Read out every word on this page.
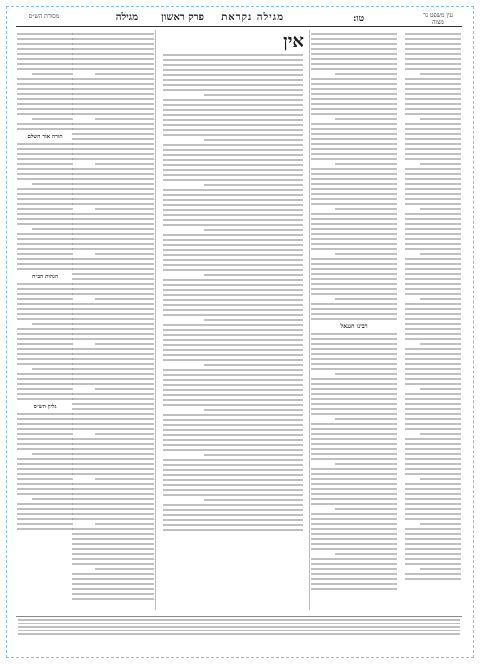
עין משפט נר מצוה
טו:
מגילה נקראת
פרק ראשון
מגילה
מסורת הש״ס
רבינו חננאל
אין
תורה אור השלם
הגהות הב״ח
גליון הש״ס
